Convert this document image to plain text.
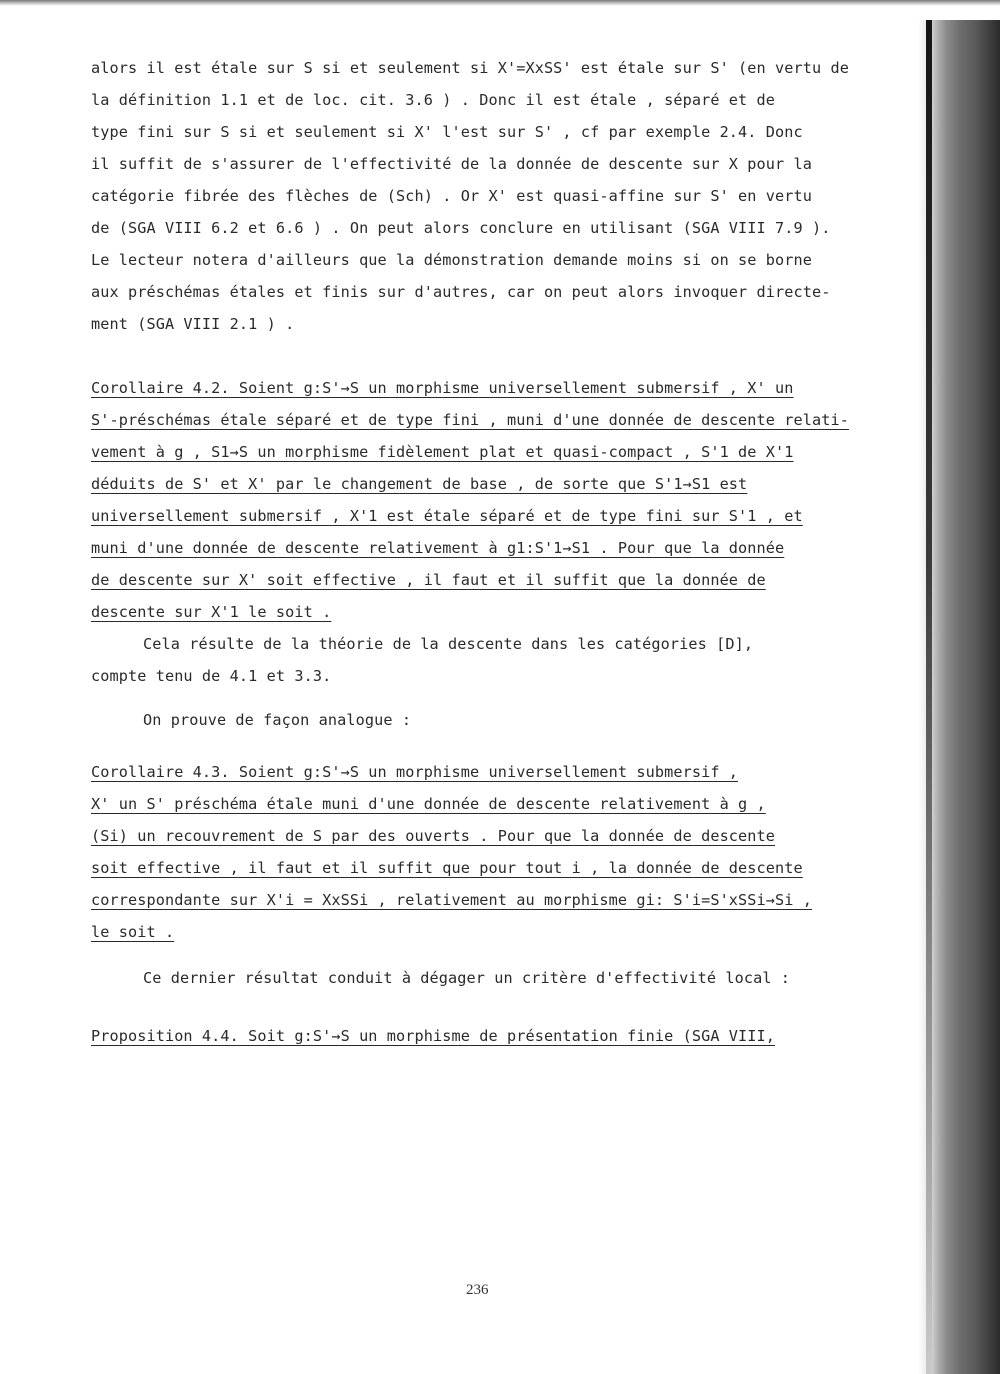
alors il est étale sur S si et seulement si X'=XxSS' est étale sur S' (en vertu de
la définition 1.1 et de loc. cit. 3.6 ) . Donc il est étale , séparé et de
type fini sur S si et seulement si X' l'est sur S' , cf par exemple 2.4. Donc
il suffit de s'assurer de l'effectivité de la donnée de descente sur X pour la
catégorie fibrée des flèches de (Sch) . Or X' est quasi-affine sur S' en vertu
de (SGA VIII 6.2 et 6.6 ) . On peut alors conclure en utilisant (SGA VIII 7.9 ).
Le lecteur notera d'ailleurs que la démonstration demande moins si on se borne
aux préschémas étales et finis sur d'autres, car on peut alors invoquer directe-
ment (SGA VIII 2.1 ) .
Corollaire 4.2. Soient g:S'→S un morphisme universellement submersif , X' un
S'-préschémas étale séparé et de type fini , muni d'une donnée de descente relati-
vement à g , S1→S un morphisme fidèlement plat et quasi-compact , S'1 de X'1
déduits de S' et X' par le changement de base , de sorte que S'1→S1 est
universellement submersif , X'1 est étale séparé et de type fini sur S'1 , et
muni d'une donnée de descente relativement à g1:S'1→S1 . Pour que la donnée
de descente sur X' soit effective , il faut et il suffit que la donnée de
descente sur X'1 le soit .
Cela résulte de la théorie de la descente dans les catégories [D],
compte tenu de 4.1 et 3.3.
On prouve de façon analogue :
Corollaire 4.3. Soient g:S'→S un morphisme universellement submersif ,
X' un S' préschéma étale muni d'une donnée de descente relativement à g ,
(Si) un recouvrement de S par des ouverts . Pour que la donnée de descente
soit effective , il faut et il suffit que pour tout i , la donnée de descente
correspondante sur X'i = XxSSi , relativement au morphisme gi: S'i=S'xSSi→Si ,
le soit .
Ce dernier résultat conduit à dégager un critère d'effectivité local :
Proposition 4.4. Soit g:S'→S un morphisme de présentation finie (SGA VIII,
236
